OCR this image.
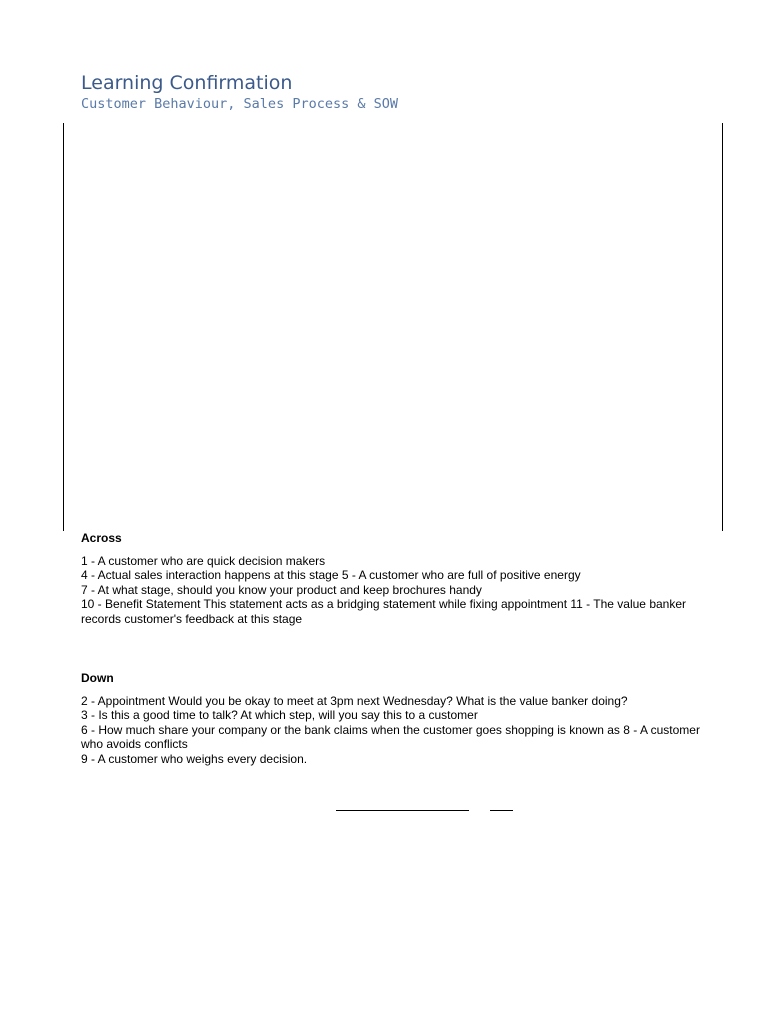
Learning Confirmation
Customer Behaviour, Sales Process & SOW
Across
1 - A customer who are quick decision makers
4 - Actual sales interaction happens at this stage 5 - A customer who are full of positive energy
7 - At what stage, should you know your product and keep brochures handy
10 - Benefit Statement This statement acts as a bridging statement while fixing appointment 11 - The value banker
records customer's feedback at this stage
Down
2 - Appointment Would you be okay to meet at 3pm next Wednesday? What is the value banker doing?
3 - Is this a good time to talk? At which step, will you say this to a customer
6 - How much share your company or the bank claims when the customer goes shopping is known as 8 - A customer
who avoids conflicts
9 - A customer who weighs every decision.
